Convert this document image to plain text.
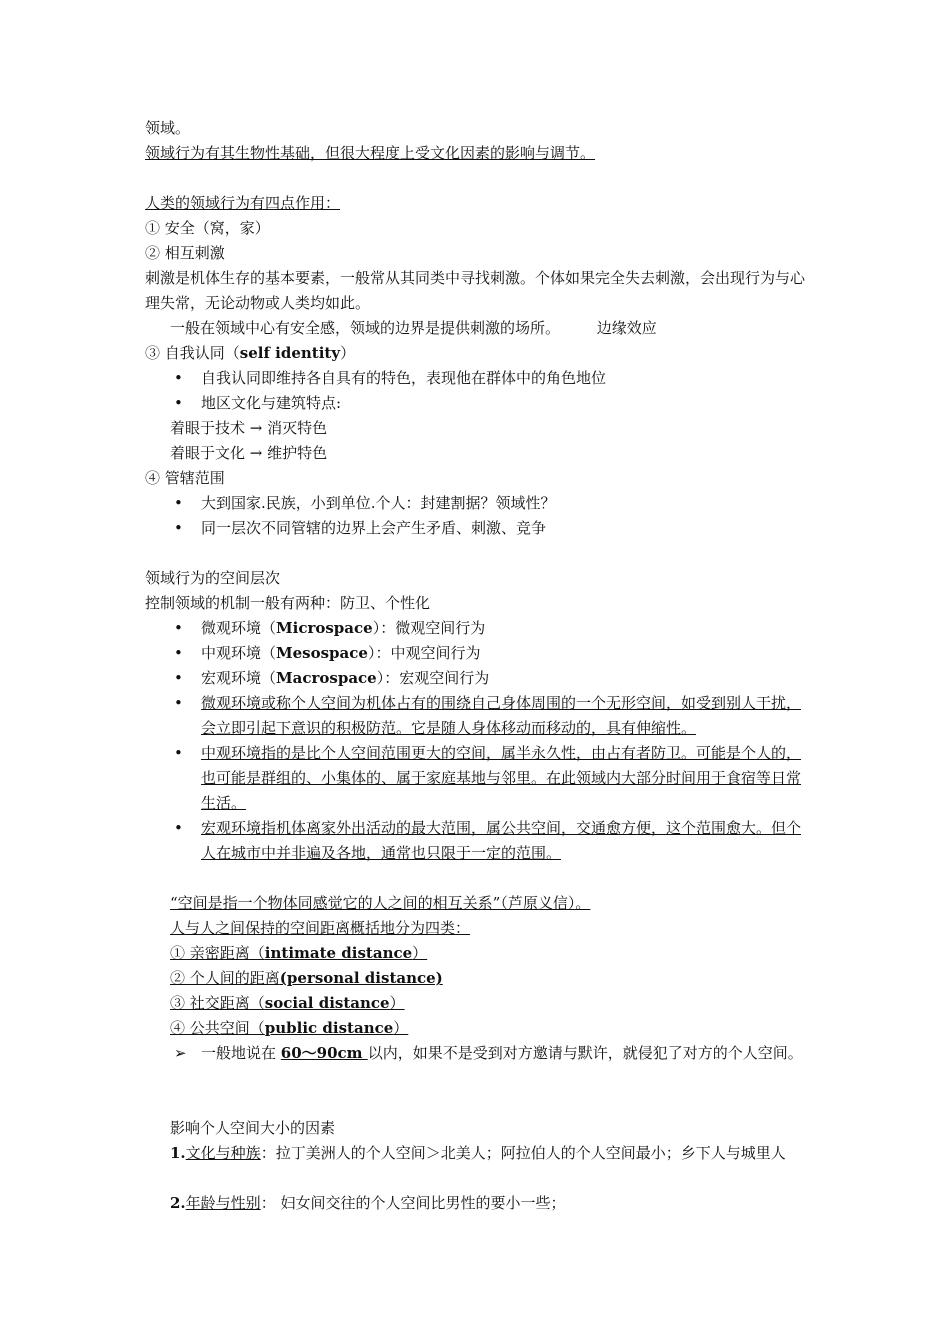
领域。
领域行为有其生物性基础，但很大程度上受文化因素的影响与调节。
人类的领域行为有四点作用：
① 安全（窝，家）
② 相互刺激
刺激是机体生存的基本要素，一般常从其同类中寻找刺激。个体如果完全失去刺激，会出现行为与心理失常，无论动物或人类均如此。
一般在领域中心有安全感，领域的边界是提供刺激的场所。 边缘效应
③ 自我认同（self identity）
• 自我认同即维持各自具有的特色，表现他在群体中的角色地位
• 地区文化与建筑特点:
着眼于技术 → 消灭特色
着眼于文化 → 维护特色
④ 管辖范围
• 大到国家.民族，小到单位.个人：封建割据？领域性？
• 同一层次不同管辖的边界上会产生矛盾、刺激、竞争
领域行为的空间层次
控制领域的机制一般有两种：防卫、个性化
• 微观环境（Microspace）：微观空间行为
• 中观环境（Mesospace）：中观空间行为
• 宏观环境（Macrospace）：宏观空间行为
• 微观环境或称个人空间为机体占有的围绕自己身体周围的一个无形空间，如受到别人干扰，会立即引起下意识的积极防范。它是随人身体移动而移动的，具有伸缩性。
• 中观环境指的是比个人空间范围更大的空间，属半永久性，由占有者防卫。可能是个人的，也可能是群组的、小集体的、属于家庭基地与邻里。在此领域内大部分时间用于食宿等日常生活。
• 宏观环境指机体离家外出活动的最大范围，属公共空间，交通愈方便，这个范围愈大。但个人在城市中并非遍及各地，通常也只限于一定的范围。
“空间是指一个物体同感觉它的人之间的相互关系”（芦原义信）。
人与人之间保持的空间距离概括地分为四类：
① 亲密距离（intimate distance）
② 个人间的距离(personal distance)
③ 社交距离（social distance）
④ 公共空间（public distance）
➢ 一般地说在 60～90cm 以内，如果不是受到对方邀请与默许，就侵犯了对方的个人空间。
影响个人空间大小的因素
1.文化与种族：拉丁美洲人的个人空间＞北美人；阿拉伯人的个人空间最小；乡下人与城里人
2.年龄与性别： 妇女间交往的个人空间比男性的要小一些；
